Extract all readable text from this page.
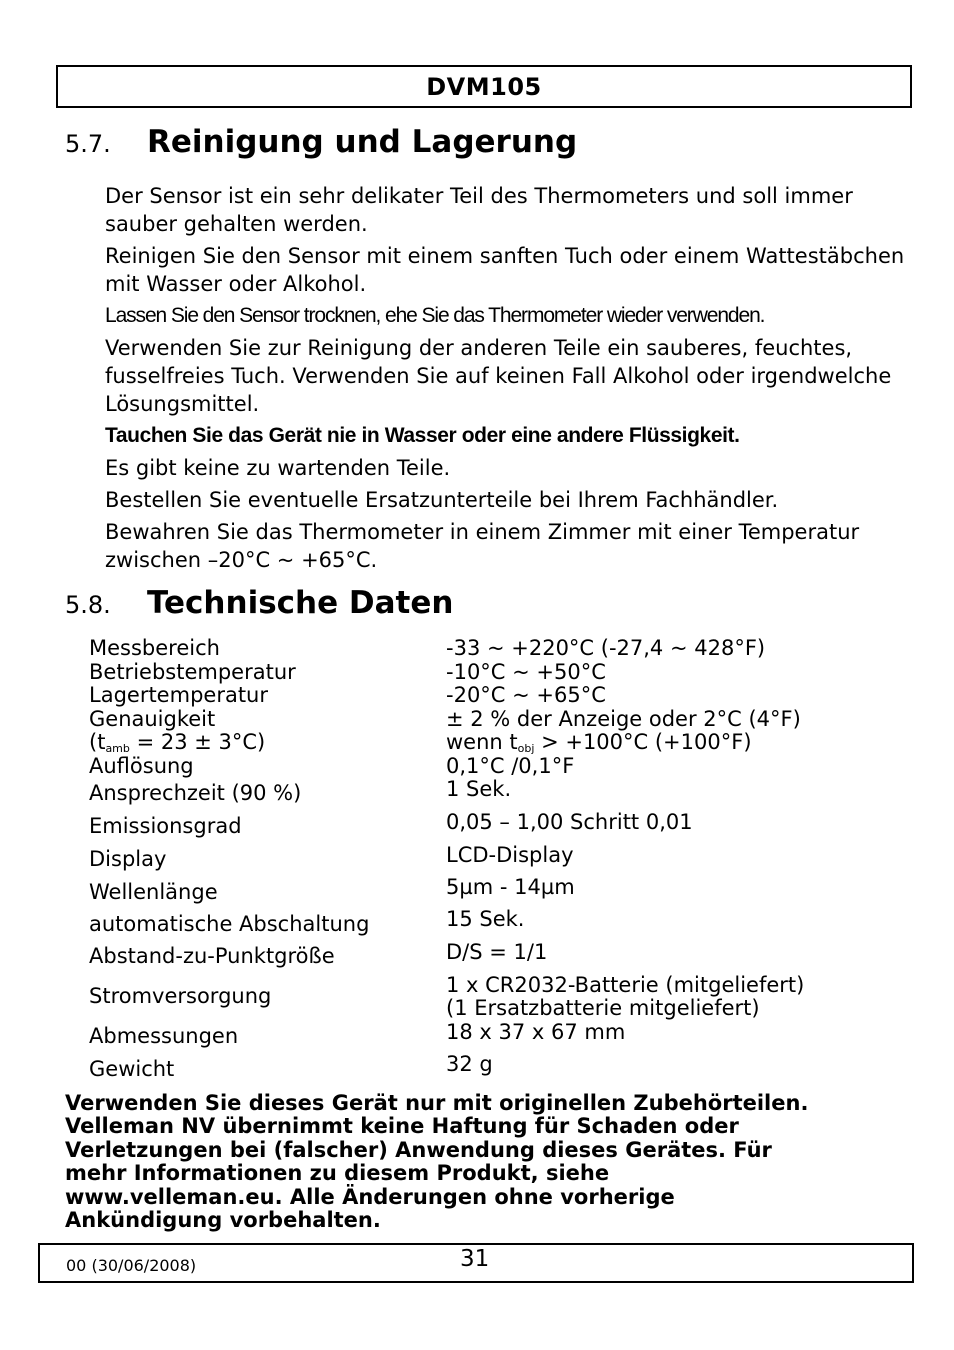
DVM105
5.7.	Reinigung und Lagerung

Der Sensor ist ein sehr delikater Teil des Thermometers und soll immer sauber gehalten werden.

Reinigen Sie den Sensor mit einem sanften Tuch oder einem Wattestäbchen mit Wasser oder Alkohol.

Lassen Sie den Sensor trocknen, ehe Sie das Thermometer wieder verwenden.

Verwenden Sie zur Reinigung der anderen Teile ein sauberes, feuchtes, fusselfreies Tuch. Verwenden Sie auf keinen Fall Alkohol oder irgendwelche Lösungsmittel.

Tauchen Sie das Gerät nie in Wasser oder eine andere Flüssigkeit.

Es gibt keine zu wartenden Teile.

Bestellen Sie eventuelle Ersatzunterteile bei Ihrem Fachhändler.

Bewahren Sie das Thermometer in einem Zimmer mit einer Temperatur zwischen –20°C ~ +65°C.

5.8.	Technische Daten

Messbereich	-33 ~ +220°C (-27,4 ~ 428°F)

Betriebstemperatur	-10°C ~ +50°C

Lagertemperatur	-20°C ~ +65°C

Genauigkeit	± 2 % der Anzeige oder 2°C (4°F)

$(t_{amb} = 23 \pm 3^\circ C)$	wenn $t_{obj} > +100^\circ C$ (+100°F)

Auflösung	0,1°C /0,1°F

Ansprechzeit (90 %)	1 Sek.

Emissionsgrad	0,05 – 1,00 Schritt 0,01

Display	LCD-Display

Wellenlänge	5µm - 14µm

automatische Abschaltung	15 Sek.

Abstand-zu-Punktgröße	D/S = 1/1

Stromversorgung	1 x CR2032-Batterie (mitgeliefert)

(1 Ersatzbatterie mitgeliefert)

Abmessungen	18 x 37 x 67 mm

Gewicht	32 g

Verwenden Sie dieses Gerät nur mit originellen Zubehörteilen.
Velleman NV übernimmt keine Haftung für Schaden oder
Verletzungen bei (falscher) Anwendung dieses Gerätes. Für
mehr Informationen zu diesem Produkt, siehe
www.velleman.eu. Alle Änderungen ohne vorherige
Ankündigung vorbehalten.

00 (30/06/2008)	31
